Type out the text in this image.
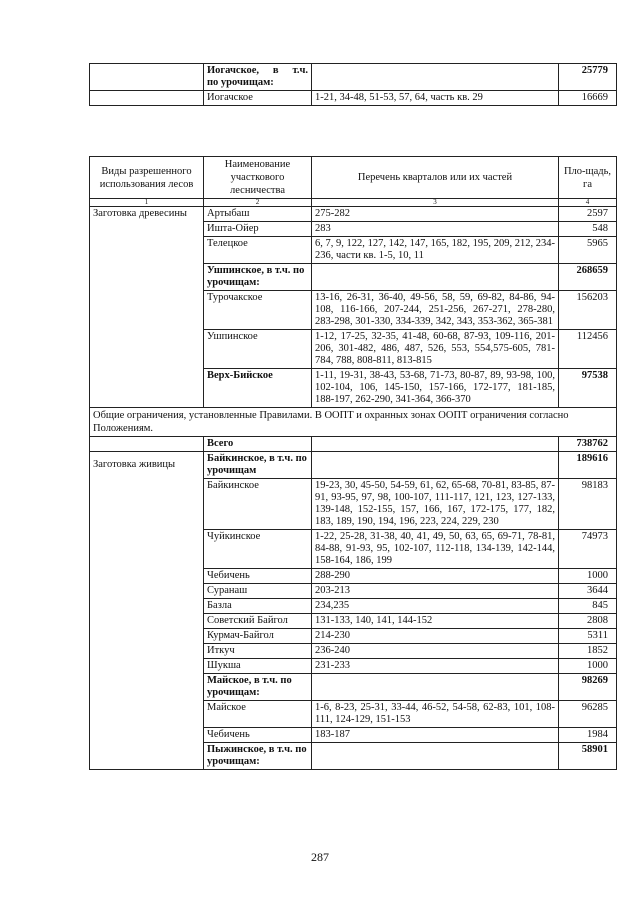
	Иогачское, в т.ч.
по урочищам:		25779
	Иогачское	1-21, 34-48, 51-53, 57, 64, часть кв. 29	16669
Виды разрешенного использования лесов	Наименование участкового лесничества	Перечень кварталов или их частей	Пло-щадь, га
1	2	3	4
Заготовка древесины	Артыбаш	275-282	2597
	Ишта-Ойер	283	548
	Телецкое	6, 7, 9, 122, 127, 142, 147, 165, 182, 195, 209, 212, 234-236, части кв. 1-5, 10, 11	5965
	Ушпинское, в т.ч. по урочищам:		268659
	Турочакское	13-16, 26-31, 36-40, 49-56, 58, 59, 69-82, 84-86, 94-108, 116-166, 207-244, 251-256, 267-271, 278-280, 283-298, 301-330, 334-339, 342, 343, 353-362, 365-381	156203
	Ушпинское	1-12, 17-25, 32-35, 41-48, 60-68, 87-93, 109-116, 201-206, 301-482, 486, 487, 526, 553, 554,575-605, 781-784, 788, 808-811, 813-815	112456
	Верх-Бийское	1-11, 19-31, 38-43, 53-68, 71-73, 80-87, 89, 93-98, 100, 102-104, 106, 145-150, 157-166, 172-177, 181-185, 188-197, 262-290, 341-364, 366-370	97538
Общие ограничения, установленные Правилами. В ООПТ и охранных зонах ООПТ ограничения согласно Положениям.			
	Всего		738762
Заготовка живицы	Байкинское, в т.ч. по урочищам		189616
	Байкинское	19-23, 30, 45-50, 54-59, 61, 62, 65-68, 70-81, 83-85, 87-91, 93-95, 97, 98, 100-107, 111-117, 121, 123, 127-133, 139-148, 152-155, 157, 166, 167, 172-175, 177, 182, 183, 189, 190, 194, 196, 223, 224, 229, 230	98183
	Чуйкинское	1-22, 25-28, 31-38, 40, 41, 49, 50, 63, 65, 69-71, 78-81, 84-88, 91-93, 95, 102-107, 112-118, 134-139, 142-144, 158-164, 186, 199	74973
	Чебичень	288-290	1000
	Суранаш	203-213	3644
	Базла	234,235	845
	Советский Байгол	131-133, 140, 141, 144-152	2808
	Курмач-Байгол	214-230	5311
	Иткуч	236-240	1852
	Шукша	231-233	1000
	Майское, в т.ч. по урочищам:		98269
	Майское	1-6, 8-23, 25-31, 33-44, 46-52, 54-58, 62-83, 101, 108-111, 124-129, 151-153	96285
	Чебичень	183-187	1984
	Пыжинское, в т.ч. по урочищам:		58901
287
